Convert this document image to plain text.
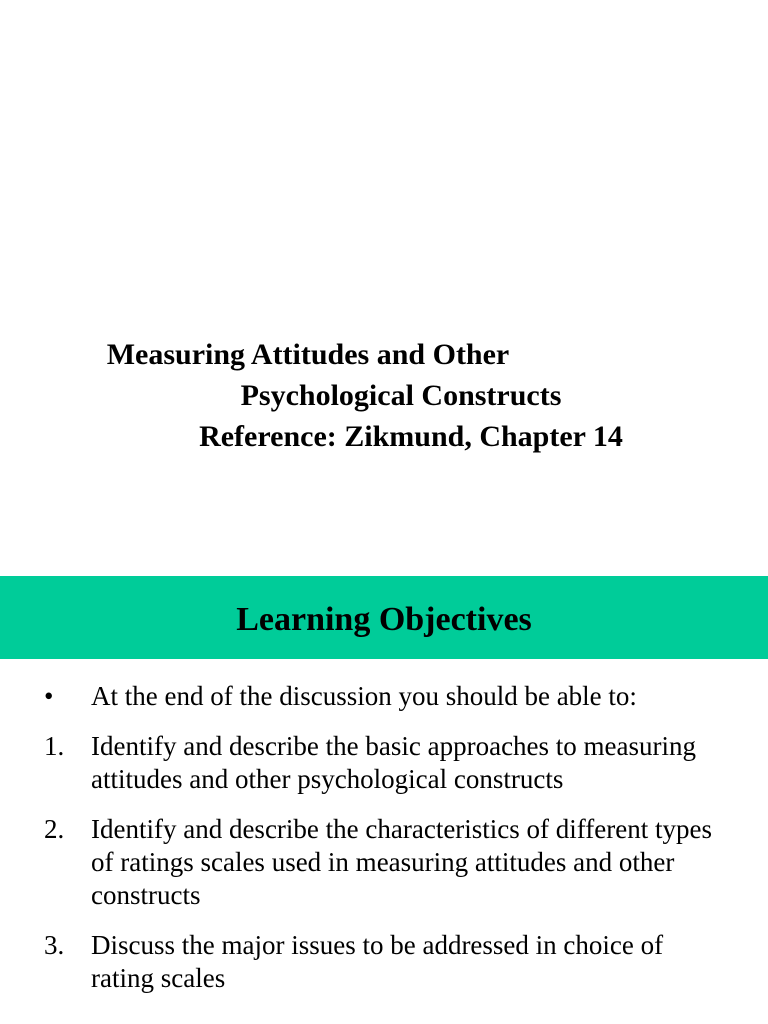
Measuring Attitudes and Other
Psychological Constructs
Reference: Zikmund, Chapter 14
Learning Objectives
• At the end of the discussion you should be able to:
1. Identify and describe the basic approaches to measuring attitudes and other psychological constructs
2. Identify and describe the characteristics of different types of ratings scales used in measuring attitudes and other constructs
3. Discuss the major issues to be addressed in choice of rating scales
